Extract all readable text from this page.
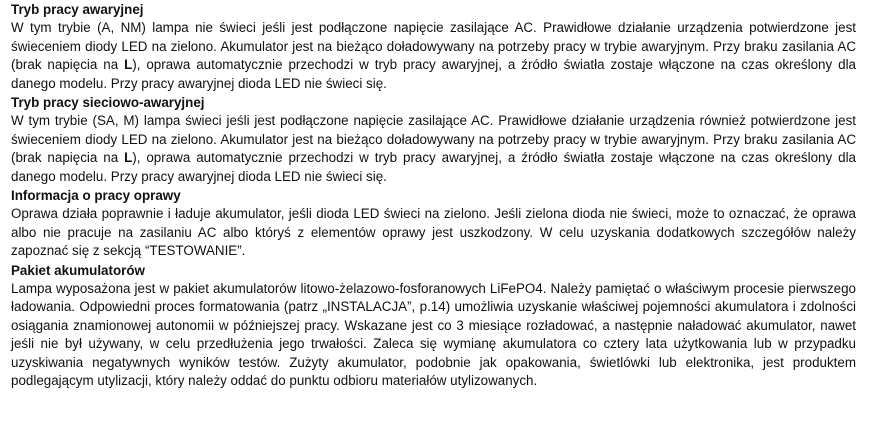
Tryb pracy awaryjnej

W tym trybie (A, NM) lampa nie świeci jeśli jest podłączone napięcie zasilające AC. Prawidłowe działanie urządzenia potwierdzone jest świeceniem diody LED na zielono. Akumulator jest na bieżąco doładowywany na potrzeby pracy w trybie awaryjnym. Przy braku zasilania AC (brak napięcia na L), oprawa automatycznie przechodzi w tryb pracy awaryjnej, a źródło światła zostaje włączone na czas określony dla danego modelu. Przy pracy awaryjnej dioda LED nie świeci się.

Tryb pracy sieciowo-awaryjnej

W tym trybie (SA, M) lampa świeci jeśli jest podłączone napięcie zasilające AC. Prawidłowe działanie urządzenia również potwierdzone jest świeceniem diody LED na zielono. Akumulator jest na bieżąco doładowywany na potrzeby pracy w trybie awaryjnym. Przy braku zasilania AC (brak napięcia na L), oprawa automatycznie przechodzi w tryb pracy awaryjnej, a źródło światła zostaje włączone na czas określony dla danego modelu. Przy pracy awaryjnej dioda LED nie świeci się.

Informacja o pracy oprawy

Oprawa działa poprawnie i ładuje akumulator, jeśli dioda LED świeci na zielono. Jeśli zielona dioda nie świeci, może to oznaczać, że oprawa albo nie pracuje na zasilaniu AC albo któryś z elementów oprawy jest uszkodzony. W celu uzyskania dodatkowych szczegółów należy zapoznać się z sekcją “TESTOWANIE”.

Pakiet akumulatorów

Lampa wyposażona jest w pakiet akumulatorów litowo-żelazowo-fosforanowych LiFePO4. Należy pamiętać o właściwym procesie pierwszego ładowania. Odpowiedni proces formatowania (patrz „INSTALACJA”, p.14) umożliwia uzyskanie właściwej pojemności akumulatora i zdolności osiągania znamionowej autonomii w późniejszej pracy. Wskazane jest co 3 miesiące rozładować, a następnie naładować akumulator, nawet jeśli nie był używany, w celu przedłużenia jego trwałości. Zaleca się wymianę akumulatora co cztery lata użytkowania lub w przypadku uzyskiwania negatywnych wyników testów. Zużyty akumulator, podobnie jak opakowania, świetlówki lub elektronika, jest produktem podlegającym utylizacji, który należy oddać do punktu odbioru materiałów utylizowanych.
